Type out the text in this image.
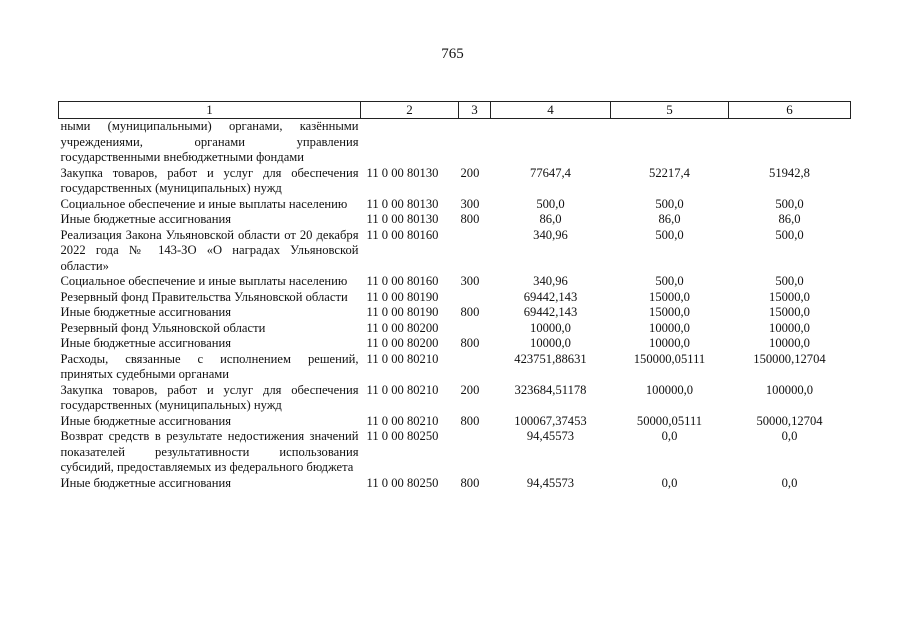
765
1	2	3	4	5	6
ными (муниципальными) органами, казёнными учреждениями, органами управления государственными внебюджетными фондами					
Закупка товаров, работ и услуг для обеспечения государственных (муниципальных) нужд	11 0 00 80130	200	77647,4	52217,4	51942,8
Социальное обеспечение и иные выплаты населению	11 0 00 80130	300	500,0	500,0	500,0
Иные бюджетные ассигнования	11 0 00 80130	800	86,0	86,0	86,0
Реализация Закона Ульяновской области от 20 декабря 2022 года № 143-ЗО «О наградах Ульяновской области»	11 0 00 80160		340,96	500,0	500,0
Социальное обеспечение и иные выплаты населению	11 0 00 80160	300	340,96	500,0	500,0
Резервный фонд Правительства Ульяновской области	11 0 00 80190		69442,143	15000,0	15000,0
Иные бюджетные ассигнования	11 0 00 80190	800	69442,143	15000,0	15000,0
Резервный фонд Ульяновской области	11 0 00 80200		10000,0	10000,0	10000,0
Иные бюджетные ассигнования	11 0 00 80200	800	10000,0	10000,0	10000,0
Расходы, связанные с исполнением решений, принятых судебными органами	11 0 00 80210		423751,88631	150000,05111	150000,12704
Закупка товаров, работ и услуг для обеспечения государственных (муниципальных) нужд	11 0 00 80210	200	323684,51178	100000,0	100000,0
Иные бюджетные ассигнования	11 0 00 80210	800	100067,37453	50000,05111	50000,12704
Возврат средств в результате недостижения значений показателей результативности использования субсидий, предоставляемых из федерального бюджета	11 0 00 80250		94,45573	0,0	0,0
Иные бюджетные ассигнования	11 0 00 80250	800	94,45573	0,0	0,0
